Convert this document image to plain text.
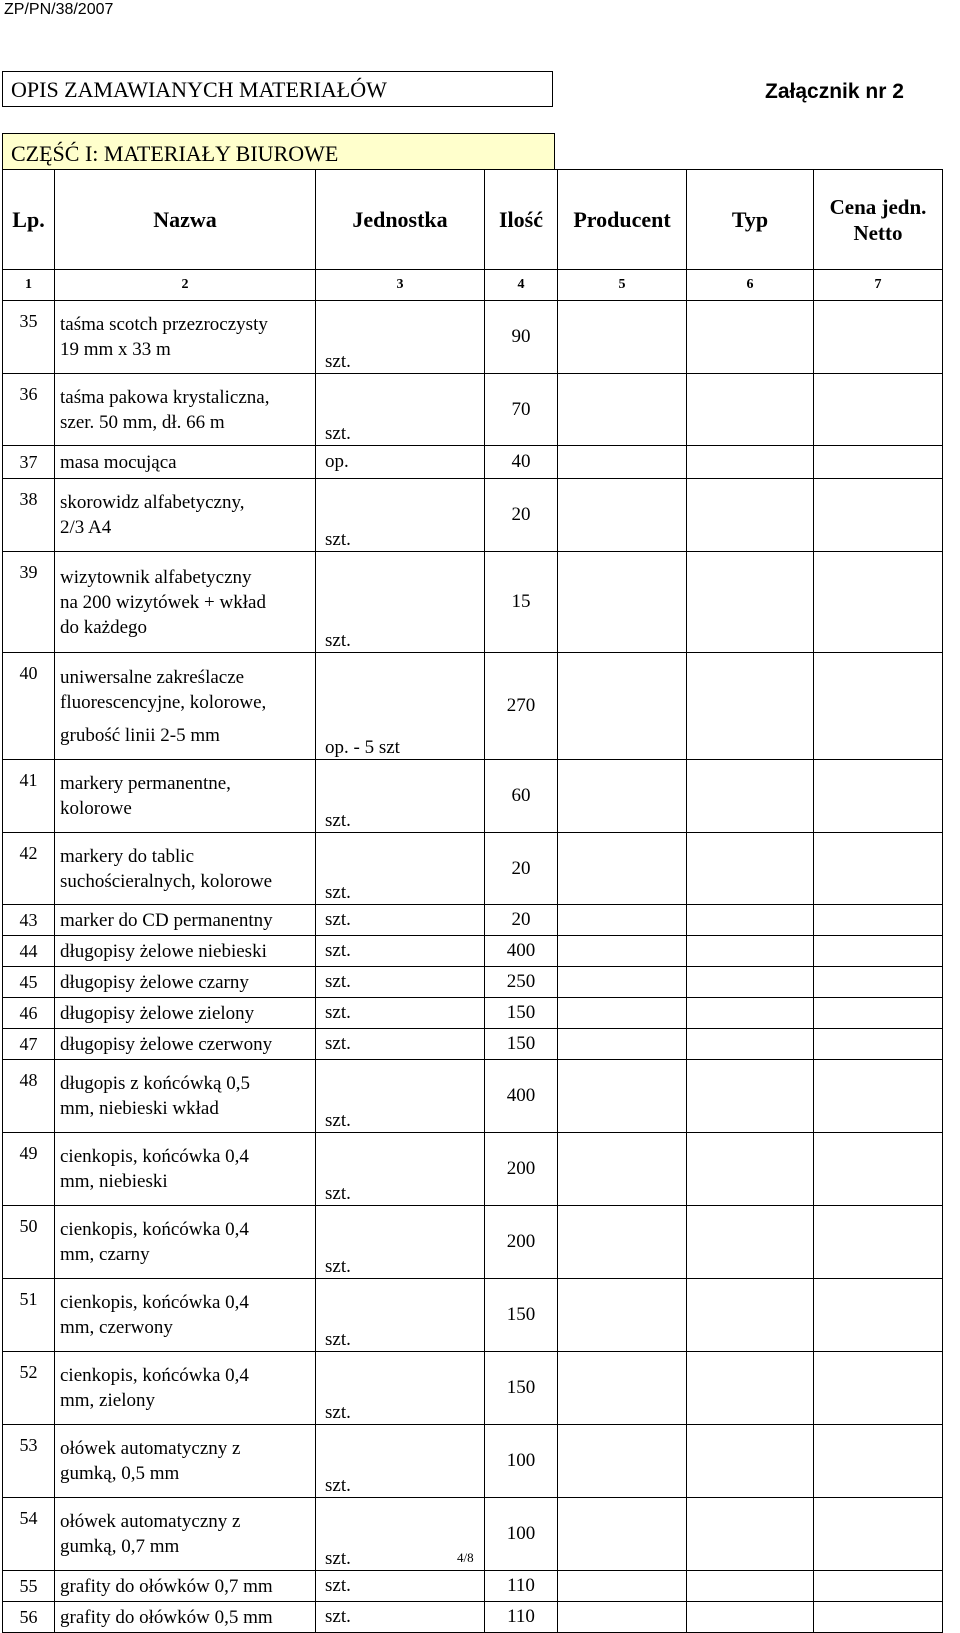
ZP/PN/38/2007
OPIS ZAMAWIANYCH MATERIAŁÓW	Załącznik nr 2
CZĘŚĆ I: MATERIAŁY BIUROWE
Lp.	Nazwa	Jednostka	Ilość	Producent	Typ	Cena jedn.
Netto

1	2	3	4	5	6	7
35	taśma scotch przezroczysty
19 mm x 33 m	szt.	90			
36	taśma pakowa krystaliczna,
szer. 50 mm, dł. 66 m	szt.	70			
37	masa mocująca	op.	40			
38	skorowidz alfabetyczny,
2/3 A4	szt.	20			
39	wizytownik alfabetyczny
na 200 wizytówek + wkład
do każdego	szt.	15			
40	uniwersalne zakreślacze
fluorescencyjne, kolorowe,
grubość linii 2-5 mm	op. - 5 szt	270			
41	markery permanentne,
kolorowe	szt.	60			
42	markery do tablic
suchościeralnych, kolorowe	szt.	20			
43	marker do CD permanentny	szt.	20			
44	długopisy żelowe niebieski	szt.	400			
45	długopisy żelowe czarny	szt.	250			
46	długopisy żelowe zielony	szt.	150			
47	długopisy żelowe czerwony	szt.	150			
48	długopis z końcówką 0,5
mm, niebieski wkład	szt.	400			
49	cienkopis, końcówka 0,4
mm, niebieski	szt.	200			
50	cienkopis, końcówka 0,4
mm, czarny	szt.	200			
51	cienkopis, końcówka 0,4
mm, czerwony	szt.	150			
52	cienkopis, końcówka 0,4
mm, zielony	szt.	150			
53	ołówek automatyczny z
gumką, 0,5 mm	szt.	100			
54	ołówek automatyczny z
gumką, 0,7 mm	szt.	100			
55	grafity do ołówków 0,7 mm	szt.	110			
56	grafity do ołówków 0,5 mm	szt.	110			
4/8
